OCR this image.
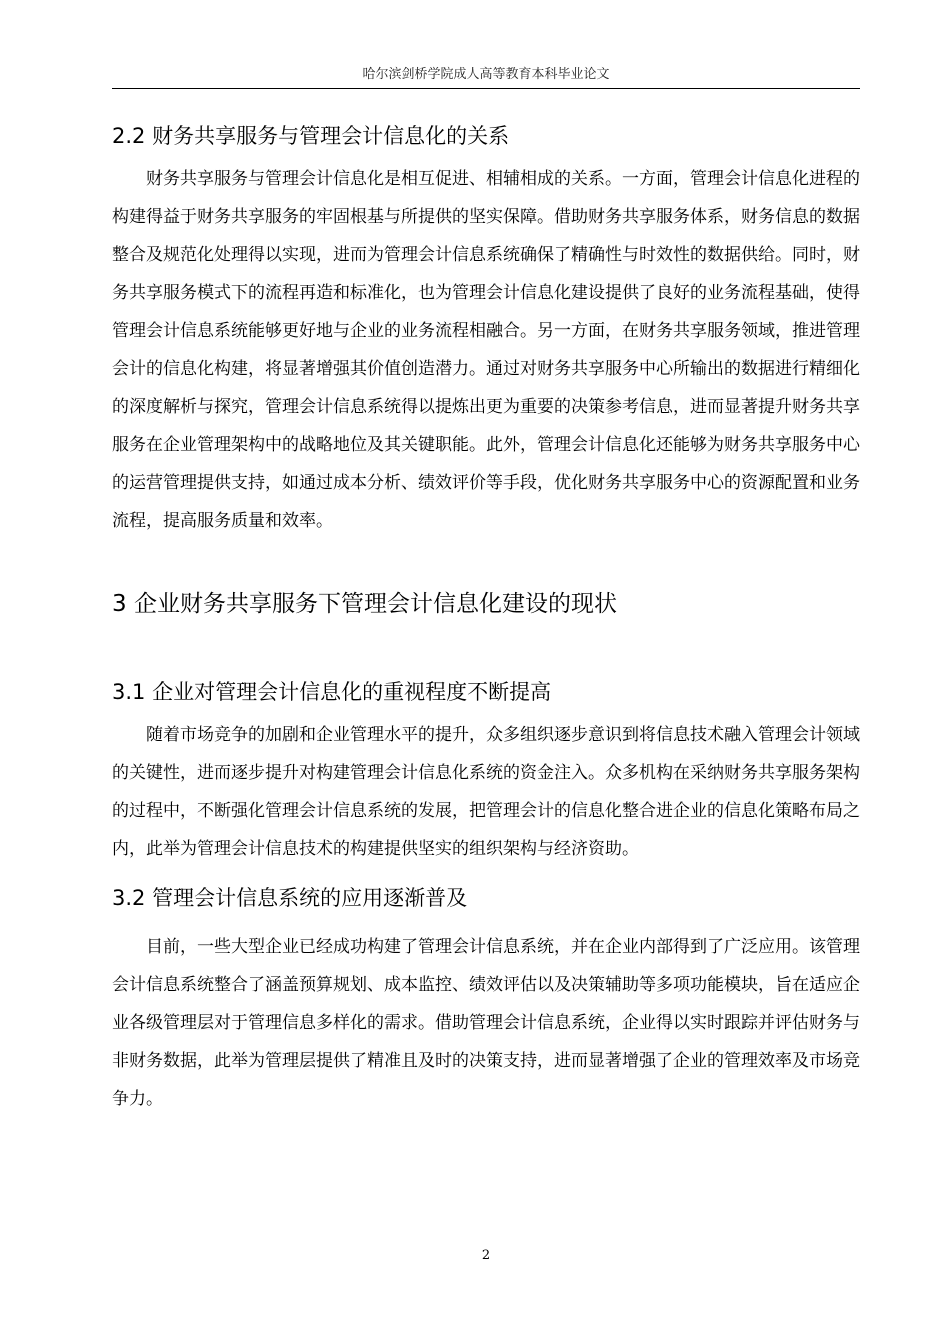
哈尔滨剑桥学院成人高等教育本科毕业论文
2.2 财务共享服务与管理会计信息化的关系

财务共享服务与管理会计信息化是相互促进、相辅相成的关系。一方面，管理会计信息化进程的构建得益于财务共享服务的牢固根基与所提供的坚实保障。借助财务共享服务体系，财务信息的数据整合及规范化处理得以实现，进而为管理会计信息系统确保了精确性与时效性的数据供给。同时，财务共享服务模式下的流程再造和标准化，也为管理会计信息化建设提供了良好的业务流程基础，使得管理会计信息系统能够更好地与企业的业务流程相融合。另一方面，在财务共享服务领域，推进管理会计的信息化构建，将显著增强其价值创造潜力。通过对财务共享服务中心所输出的数据进行精细化的深度解析与探究，管理会计信息系统得以提炼出更为重要的决策参考信息，进而显著提升财务共享服务在企业管理架构中的战略地位及其关键职能。此外，管理会计信息化还能够为财务共享服务中心的运营管理提供支持，如通过成本分析、绩效评价等手段，优化财务共享服务中心的资源配置和业务流程，提高服务质量和效率。

3 企业财务共享服务下管理会计信息化建设的现状
3.1 企业对管理会计信息化的重视程度不断提高

随着市场竞争的加剧和企业管理水平的提升，众多组织逐步意识到将信息技术融入管理会计领域的关键性，进而逐步提升对构建管理会计信息化系统的资金注入。众多机构在采纳财务共享服务架构的过程中，不断强化管理会计信息系统的发展，把管理会计的信息化整合进企业的信息化策略布局之内，此举为管理会计信息技术的构建提供坚实的组织架构与经济资助。

3.2 管理会计信息系统的应用逐渐普及

目前，一些大型企业已经成功构建了管理会计信息系统，并在企业内部得到了广泛应用。该管理会计信息系统整合了涵盖预算规划、成本监控、绩效评估以及决策辅助等多项功能模块，旨在适应企业各级管理层对于管理信息多样化的需求。借助管理会计信息系统，企业得以实时跟踪并评估财务与非财务数据，此举为管理层提供了精准且及时的决策支持，进而显著增强了企业的管理效率及市场竞争力。

2
